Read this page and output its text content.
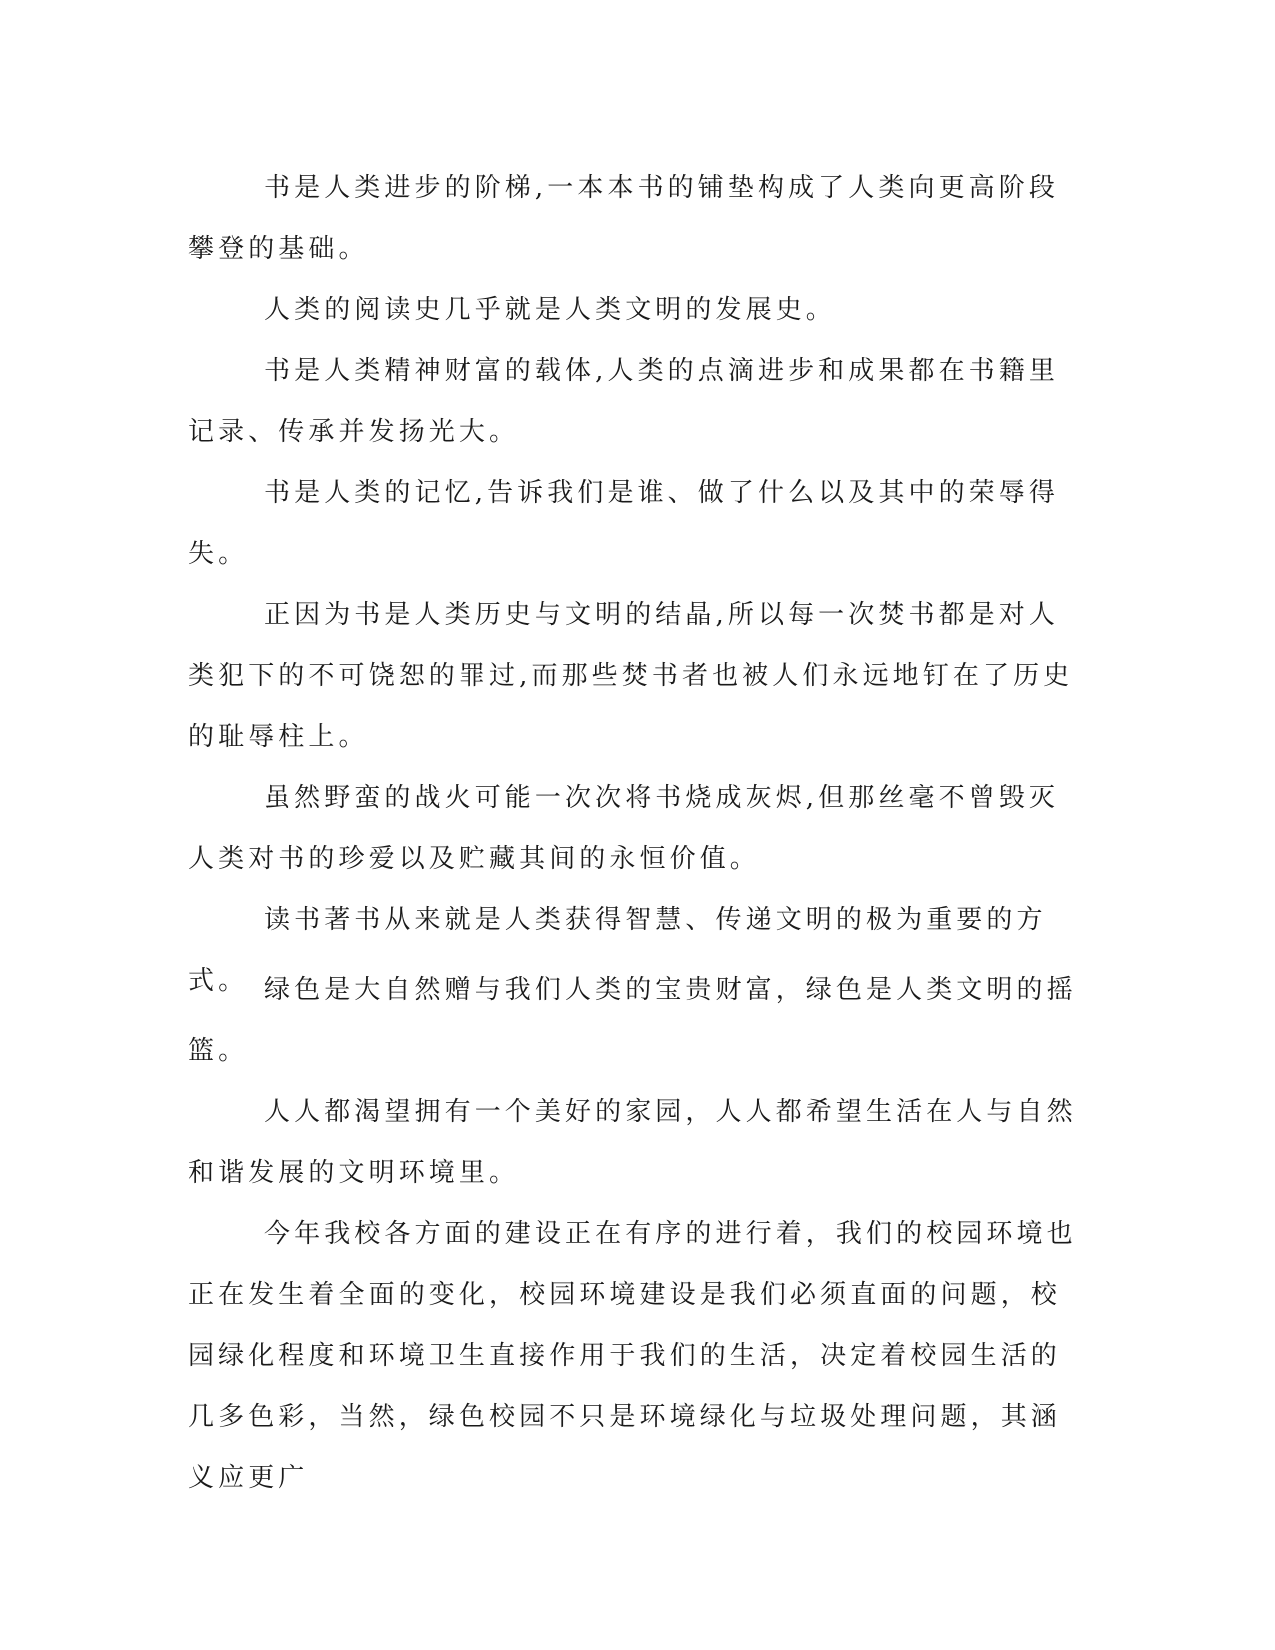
书是人类进步的阶梯,一本本书的铺垫构成了人类向更高阶段攀登的基础。

人类的阅读史几乎就是人类文明的发展史。

书是人类精神财富的载体,人类的点滴进步和成果都在书籍里记录、传承并发扬光大。

书是人类的记忆,告诉我们是谁、做了什么以及其中的荣辱得失。

正因为书是人类历史与文明的结晶,所以每一次焚书都是对人类犯下的不可饶恕的罪过,而那些焚书者也被人们永远地钉在了历史的耻辱柱上。

虽然野蛮的战火可能一次次将书烧成灰烬,但那丝毫不曾毁灭人类对书的珍爱以及贮藏其间的永恒价值。

读书著书从来就是人类获得智慧、传递文明的极为重要的方式。 绿色是大自然赠与我们人类的宝贵财富，绿色是人类文明的摇篮。

人人都渴望拥有一个美好的家园，人人都希望生活在人与自然和谐发展的文明环境里。

今年我校各方面的建设正在有序的进行着，我们的校园环境也正在发生着全面的变化，校园环境建设是我们必须直面的问题，校园绿化程度和环境卫生直接作用于我们的生活，决定着校园生活的几多色彩，当然，绿色校园不只是环境绿化与垃圾处理问题，其涵义应更广
